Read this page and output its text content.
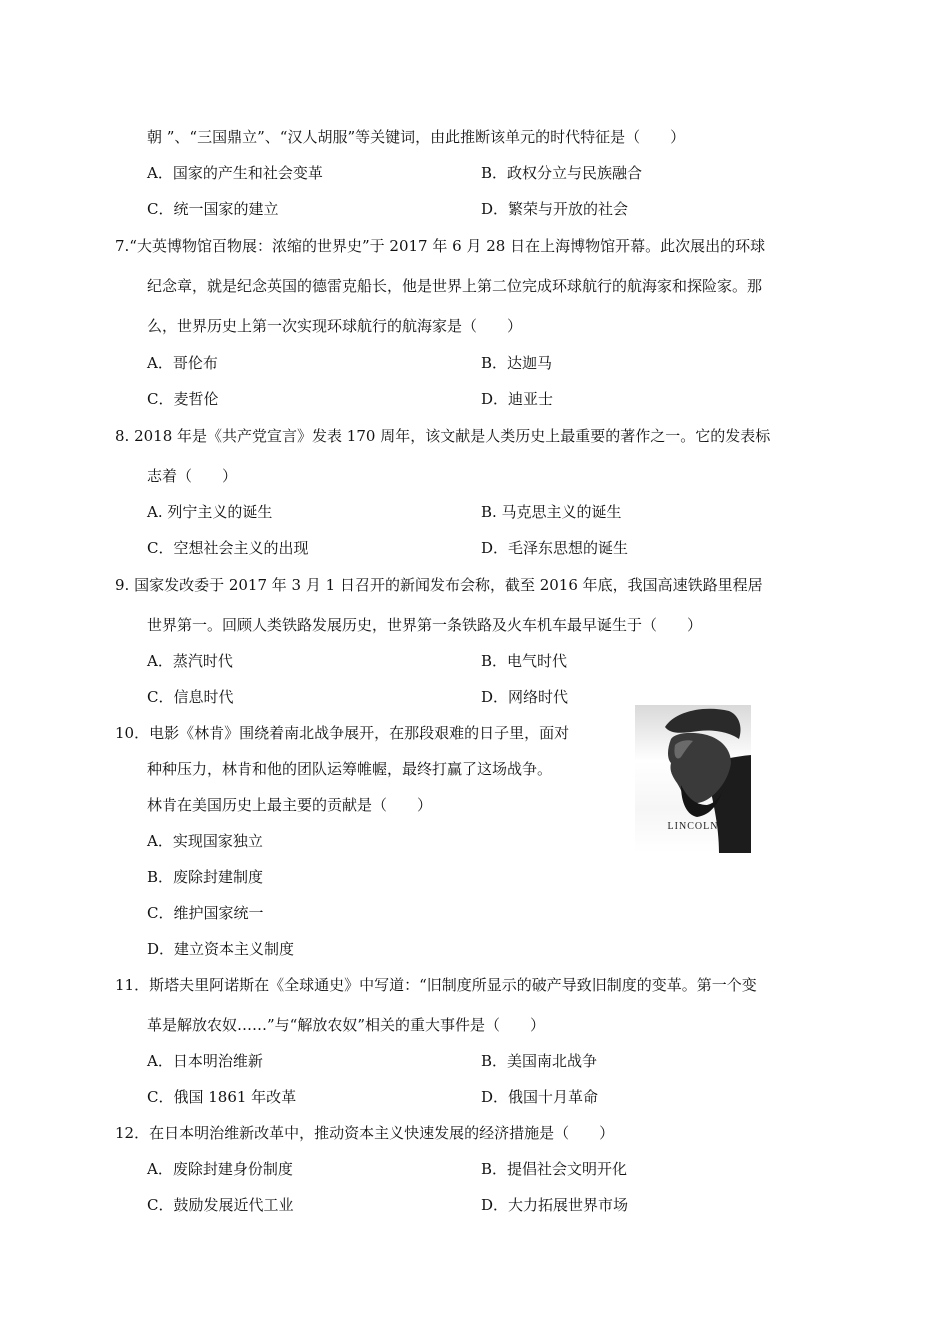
朝 ”、“三国鼎立”、“汉人胡服”等关键词，由此推断该单元的时代特征是（　　）
A．国家的产生和社会变革	B．政权分立与民族融合
C．统一国家的建立	D．繁荣与开放的社会
7.“大英博物馆百物展：浓缩的世界史”于 2017 年 6 月 28 日在上海博物馆开幕。此次展出的环球
纪念章，就是纪念英国的德雷克船长，他是世界上第二位完成环球航行的航海家和探险家。那
么，世界历史上第一次实现环球航行的航海家是（　　）
A．哥伦布	B．达迦马
C．麦哲伦	D．迪亚士
8. 2018 年是《共产党宣言》发表 170 周年，该文献是人类历史上最重要的著作之一。它的发表标
志着（　　）
A. 列宁主义的诞生	B. 马克思主义的诞生
C．空想社会主义的出现	D．毛泽东思想的诞生
9. 国家发改委于 2017 年 3 月 1 日召开的新闻发布会称，截至 2016 年底，我国高速铁路里程居
世界第一。回顾人类铁路发展历史，世界第一条铁路及火车机车最早诞生于（　　）
A．蒸汽时代	B．电气时代
C．信息时代	D．网络时代
10．电影《林肯》围绕着南北战争展开，在那段艰难的日子里，面对
种种压力，林肯和他的团队运筹帷幄，最终打赢了这场战争。
林肯在美国历史上最主要的贡献是（　　）
A．实现国家独立
B．废除封建制度
C．维护国家统一
D．建立资本主义制度
LINCOLN
11．斯塔夫里阿诺斯在《全球通史》中写道：“旧制度所显示的破产导致旧制度的变革。第一个变
革是解放农奴……”与“解放农奴”相关的重大事件是（　　）
A．日本明治维新	B．美国南北战争
C．俄国 1861 年改革	D．俄国十月革命
12．在日本明治维新改革中，推动资本主义快速发展的经济措施是（　　）
A．废除封建身份制度	B．提倡社会文明开化
C．鼓励发展近代工业	D．大力拓展世界市场
